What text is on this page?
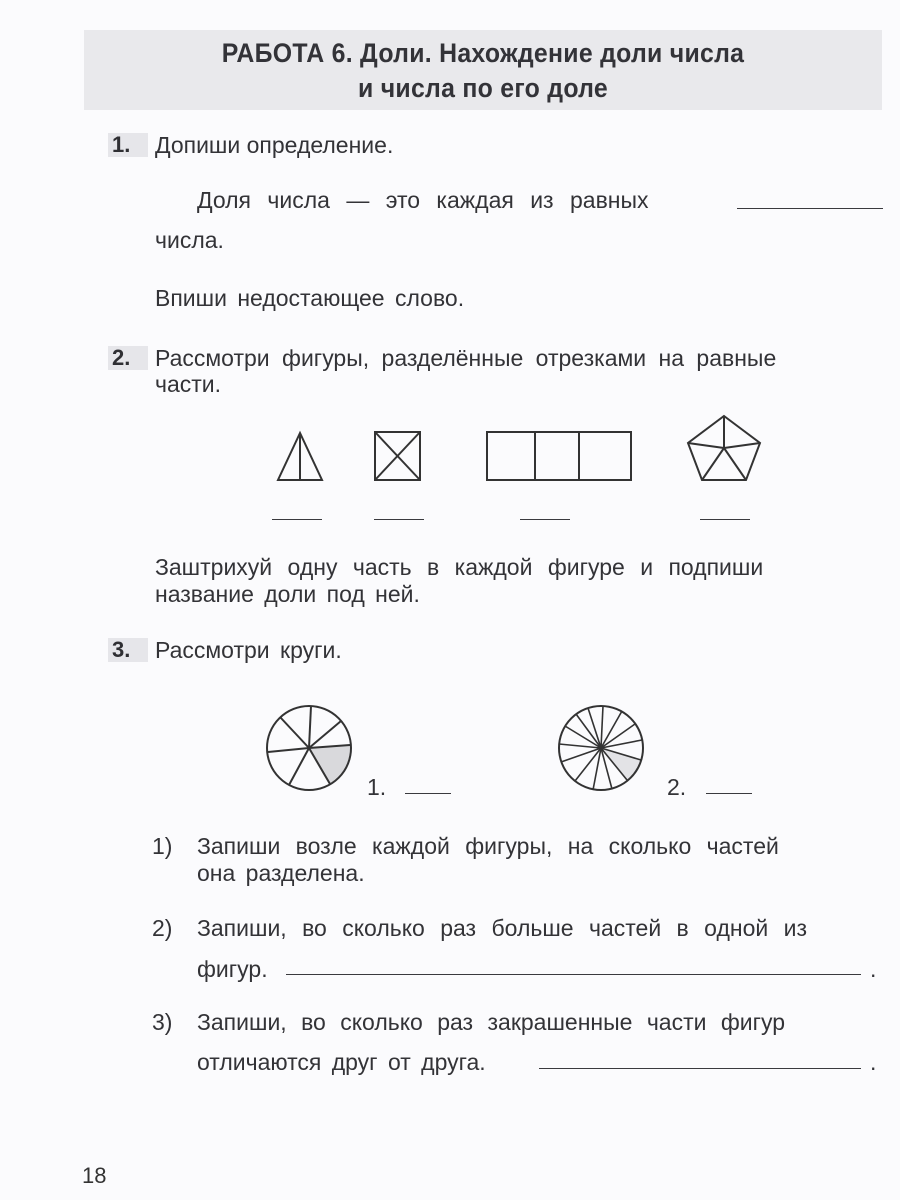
РАБОТА 6. Доли. Нахождение доли числа
и числа по его доле
1.	Допиши определение.
Доля числа — это каждая из равных
числа.
Впиши недостающее слово.
2.	Рассмотри фигуры, разделённые отрезками на равные
части.
Заштрихуй одну часть в каждой фигуре и подпиши
название доли под ней.
3.	Рассмотри круги.
1.	2.
1) Запиши возле каждой фигуры, на сколько частей
она разделена.
2) Запиши, во сколько раз больше частей в одной из
фигур.	.
3) Запиши, во сколько раз закрашенные части фигур
отличаются друг от друга.	.
18
